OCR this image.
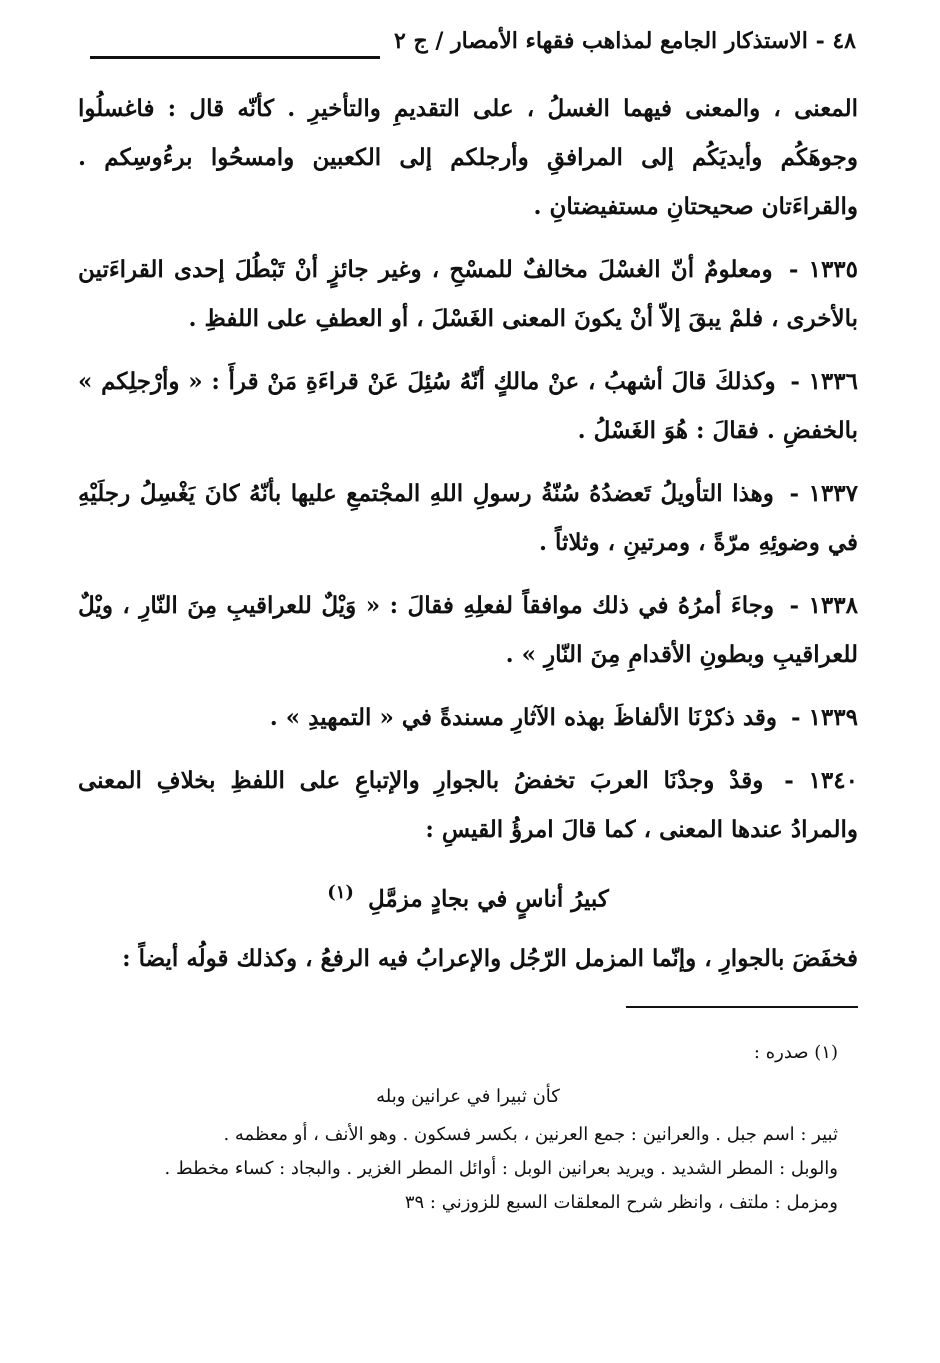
٤٨ - الاستذكار الجامع لمذاهب فقهاء الأمصار / ج ٢

المعنى ، والمعنى فيهما الغسلُ ، على التقديمِ والتأخيرِ . كأنّه قال : فاغسلُوا وجوهَكُم وأيديَكُم إلى المرافقِ وأرجلكم إلى الكعبين وامسحُوا برءُوسِكم . والقراءَتان صحيحتانِ مستفيضتانِ .

١٣٣٥ - ومعلومٌ أنّ الغسْلَ مخالفٌ للمسْحِ ، وغير جائزٍ أنْ تَبْطُلَ إحدى القراءَتين بالأخرى ، فلمْ يبقَ إلاّ أنْ يكونَ المعنى الغَسْلَ ، أو العطفِ على اللفظِ .

١٣٣٦ - وكذلكَ قالَ أشهبُ ، عنْ مالكٍ أنّهُ سُئِلَ عَنْ قراءَةِ مَنْ قرأَ : « وأرْجلِكم » بالخفضِ . فقالَ : هُوَ الغَسْلُ .

١٣٣٧ - وهذا التأويلُ تَعضدُهُ سُنّةُ رسولِ اللهِ المجْتمعِ عليها بأنّهُ كانَ يَغْسِلُ رجلَيْهِ في وضوئِهِ مرّةً ، ومرتينِ ، وثلاثاً .

١٣٣٨ - وجاءَ أمرُهُ في ذلك موافقاً لفعلِهِ فقالَ : « وَيْلٌ للعراقيبِ مِنَ النّارِ ، ويْلٌ للعراقيبِ وبطونِ الأقدامِ مِنَ النّارِ » .

١٣٣٩ - وقد ذكرْنَا الألفاظَ بهذه الآثارِ مسندةً في « التمهيدِ » .

١٣٤٠ - وقدْ وجدْنَا العربَ تخفضُ بالجوارِ والإتباعِ على اللفظِ بخلافِ المعنى والمرادُ عندها المعنى ، كما قالَ امرؤُ القيسِ :

كبيرُ أناسٍ في بجادٍ مزمَّلِ $^{(١)}$

فخفَضَ بالجوارِ ، وإنّما المزمل الرّجُل والإعرابُ فيه الرفعُ ، وكذلك قولُه أيضاً :

(١) صدره :

كأن ثبيرا في عرانين وبله

ثبير : اسم جبل . والعرانين : جمع العرنين ، بكسر فسكون . وهو الأنف ، أو معظمه .

والوبل : المطر الشديد . ويريد بعرانين الوبل : أوائل المطر الغزير . والبجاد : كساء مخطط .

ومزمل : ملتف ، وانظر شرح المعلقات السبع للزوزني : ٣٩
